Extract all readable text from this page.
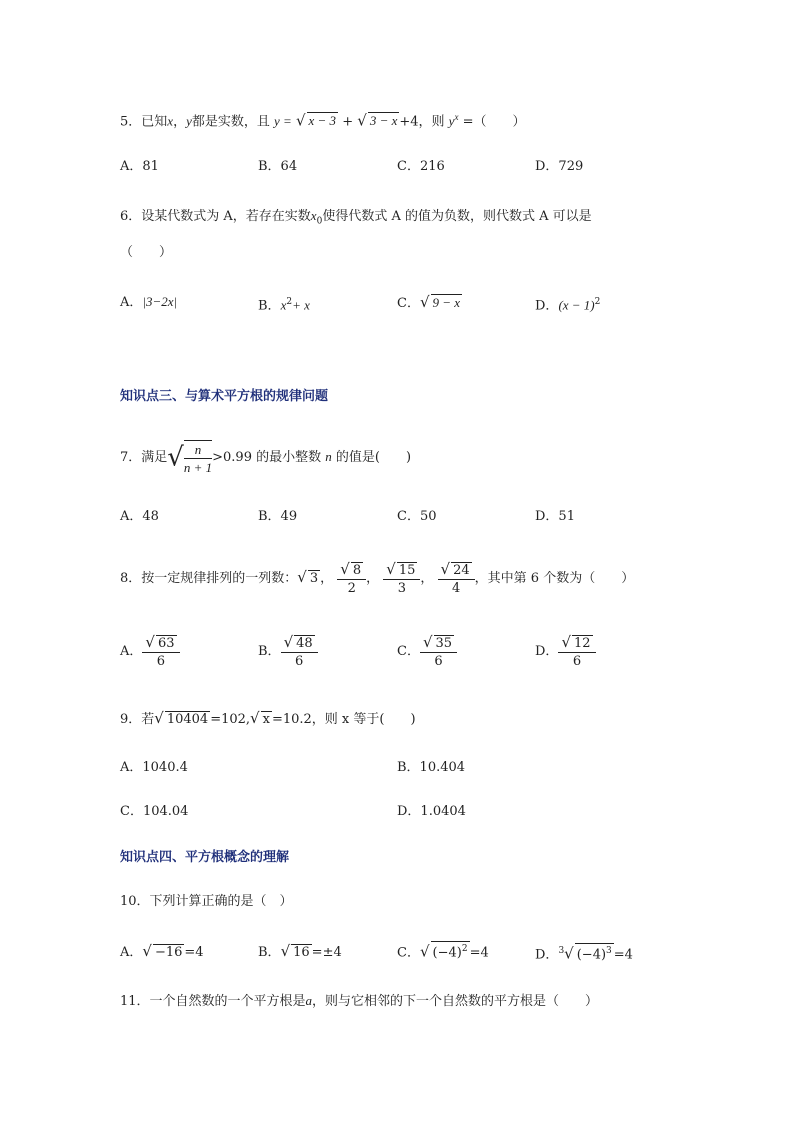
5．已知x，y都是实数，且 y = √ x − 3 + √ 3 − x +4，则 $y^x$ =（　　）
A．81	B．64	C．216	D．729
6．设某代数式为 A，若存在实数$x_0$使得代数式 A 的值为负数，则代数式 A 可以是
（　　）
A．|3−2x|	B．$x^2+ x$	C．√ 9 − x	D．$(x - 1)^2$
知识点三、与算术平方根的规律问题
7．满足√ $\frac{n}{n + 1} >0.99$ 的最小整数 n 的值是(　　)
A．48	B．49	C．50	D．51
8．按一定规律排列的一列数：√ 3 ， $\frac{√ 8}{2}$ ， $\frac{√ 15}{3}$ ， $\frac{√ 24}{4}$ ，其中第 6 个数为（　　）
A． $\frac{√ 63}{6}$	B． $\frac{√ 48}{6}$	C． $\frac{√ 35}{6}$	D． $\frac{√ 12}{6}$
9．若√ 10404 =102,√ x =10.2，则 x 等于(　　)
A．1040.4	B．10.404
C．104.04	D．1.0404
知识点四、平方根概念的理解
10．下列计算正确的是（　）
A．√ −16 =4	B．√ 16 =±4	C．√ $(-4)^2 =4$	D．$^3$√ $(-4)^3 =4$
11．一个自然数的一个平方根是a，则与它相邻的下一个自然数的平方根是（　　）
